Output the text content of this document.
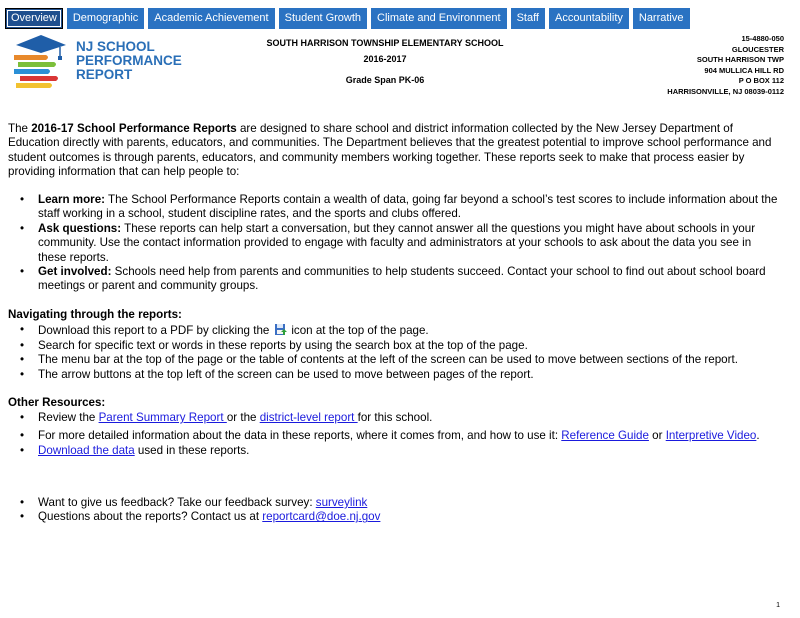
Overview	Demographic	Academic Achievement	Student Growth	Climate and Environment	Staff	Accountability	Narrative
NJ SCHOOL
PERFORMANCE
REPORT
SOUTH HARRISON TOWNSHIP ELEMENTARY SCHOOL
2016-2017
Grade Span PK-06
15-4880-050
GLOUCESTER
SOUTH HARRISON TWP
904 MULLICA HILL RD
P O BOX 112
HARRISONVILLE, NJ 08039-0112
The 2016-17 School Performance Reports are designed to share school and district information collected by the New Jersey Department of Education directly with parents, educators, and communities. The Department believes that the greatest potential to improve school performance and student outcomes is through parents, educators, and community members working together. These reports seek to make that process easier by providing information that can help people to:
• Learn more: The School Performance Reports contain a wealth of data, going far beyond a school’s test scores to include information about the staff working in a school, student discipline rates, and the sports and clubs offered.
• Ask questions: These reports can help start a conversation, but they cannot answer all the questions you might have about schools in your community. Use the contact information provided to engage with faculty and administrators at your schools to ask about the data you see in these reports.
• Get involved: Schools need help from parents and communities to help students succeed. Contact your school to find out about school board meetings or parent and community groups.
Navigating through the reports:
• Download this report to a PDF by clicking the icon at the top of the page.
• Search for specific text or words in these reports by using the search box at the top of the page.
• The menu bar at the top of the page or the table of contents at the left of the screen can be used to move between sections of the report.
• The arrow buttons at the top left of the screen can be used to move between pages of the report.
Other Resources:
• Review the Parent Summary Report or the district-level report for this school.
• For more detailed information about the data in these reports, where it comes from, and how to use it: Reference Guide or Interpretive Video.
• Download the data used in these reports.
• Want to give us feedback? Take our feedback survey: surveylink
• Questions about the reports? Contact us at reportcard@doe.nj.gov
1
